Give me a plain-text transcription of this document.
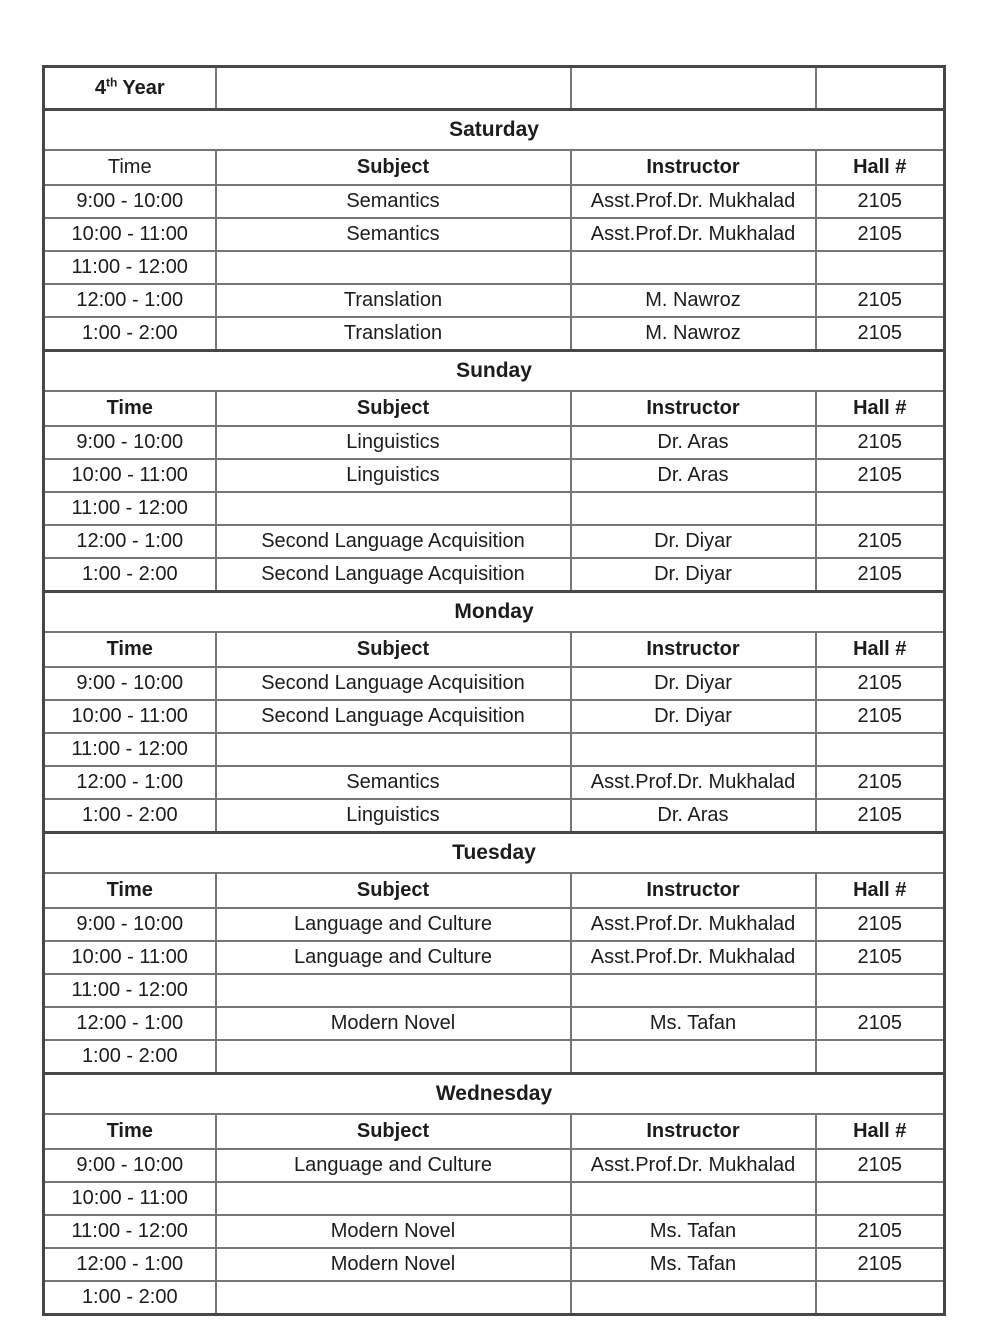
4th Year			
Saturday			
Time	Subject	Instructor	Hall #
9:00 - 10:00	Semantics	Asst.Prof.Dr. Mukhalad	2105
10:00 - 11:00	Semantics	Asst.Prof.Dr. Mukhalad	2105
11:00 - 12:00			
12:00 - 1:00	Translation	M. Nawroz	2105
1:00 - 2:00	Translation	M. Nawroz	2105
Sunday			
Time	Subject	Instructor	Hall #
9:00 - 10:00	Linguistics	Dr. Aras	2105
10:00 - 11:00	Linguistics	Dr. Aras	2105
11:00 - 12:00			
12:00 - 1:00	Second Language Acquisition	Dr. Diyar	2105
1:00 - 2:00	Second Language Acquisition	Dr. Diyar	2105
Monday			
Time	Subject	Instructor	Hall #
9:00 - 10:00	Second Language Acquisition	Dr. Diyar	2105
10:00 - 11:00	Second Language Acquisition	Dr. Diyar	2105
11:00 - 12:00			
12:00 - 1:00	Semantics	Asst.Prof.Dr. Mukhalad	2105
1:00 - 2:00	Linguistics	Dr. Aras	2105
Tuesday			
Time	Subject	Instructor	Hall #
9:00 - 10:00	Language and Culture	Asst.Prof.Dr. Mukhalad	2105
10:00 - 11:00	Language and Culture	Asst.Prof.Dr. Mukhalad	2105
11:00 - 12:00			
12:00 - 1:00	Modern Novel	Ms. Tafan	2105
1:00 - 2:00			
Wednesday			
Time	Subject	Instructor	Hall #
9:00 - 10:00	Language and Culture	Asst.Prof.Dr. Mukhalad	2105
10:00 - 11:00			
11:00 - 12:00	Modern Novel	Ms. Tafan	2105
12:00 - 1:00	Modern Novel	Ms. Tafan	2105
1:00 - 2:00			
